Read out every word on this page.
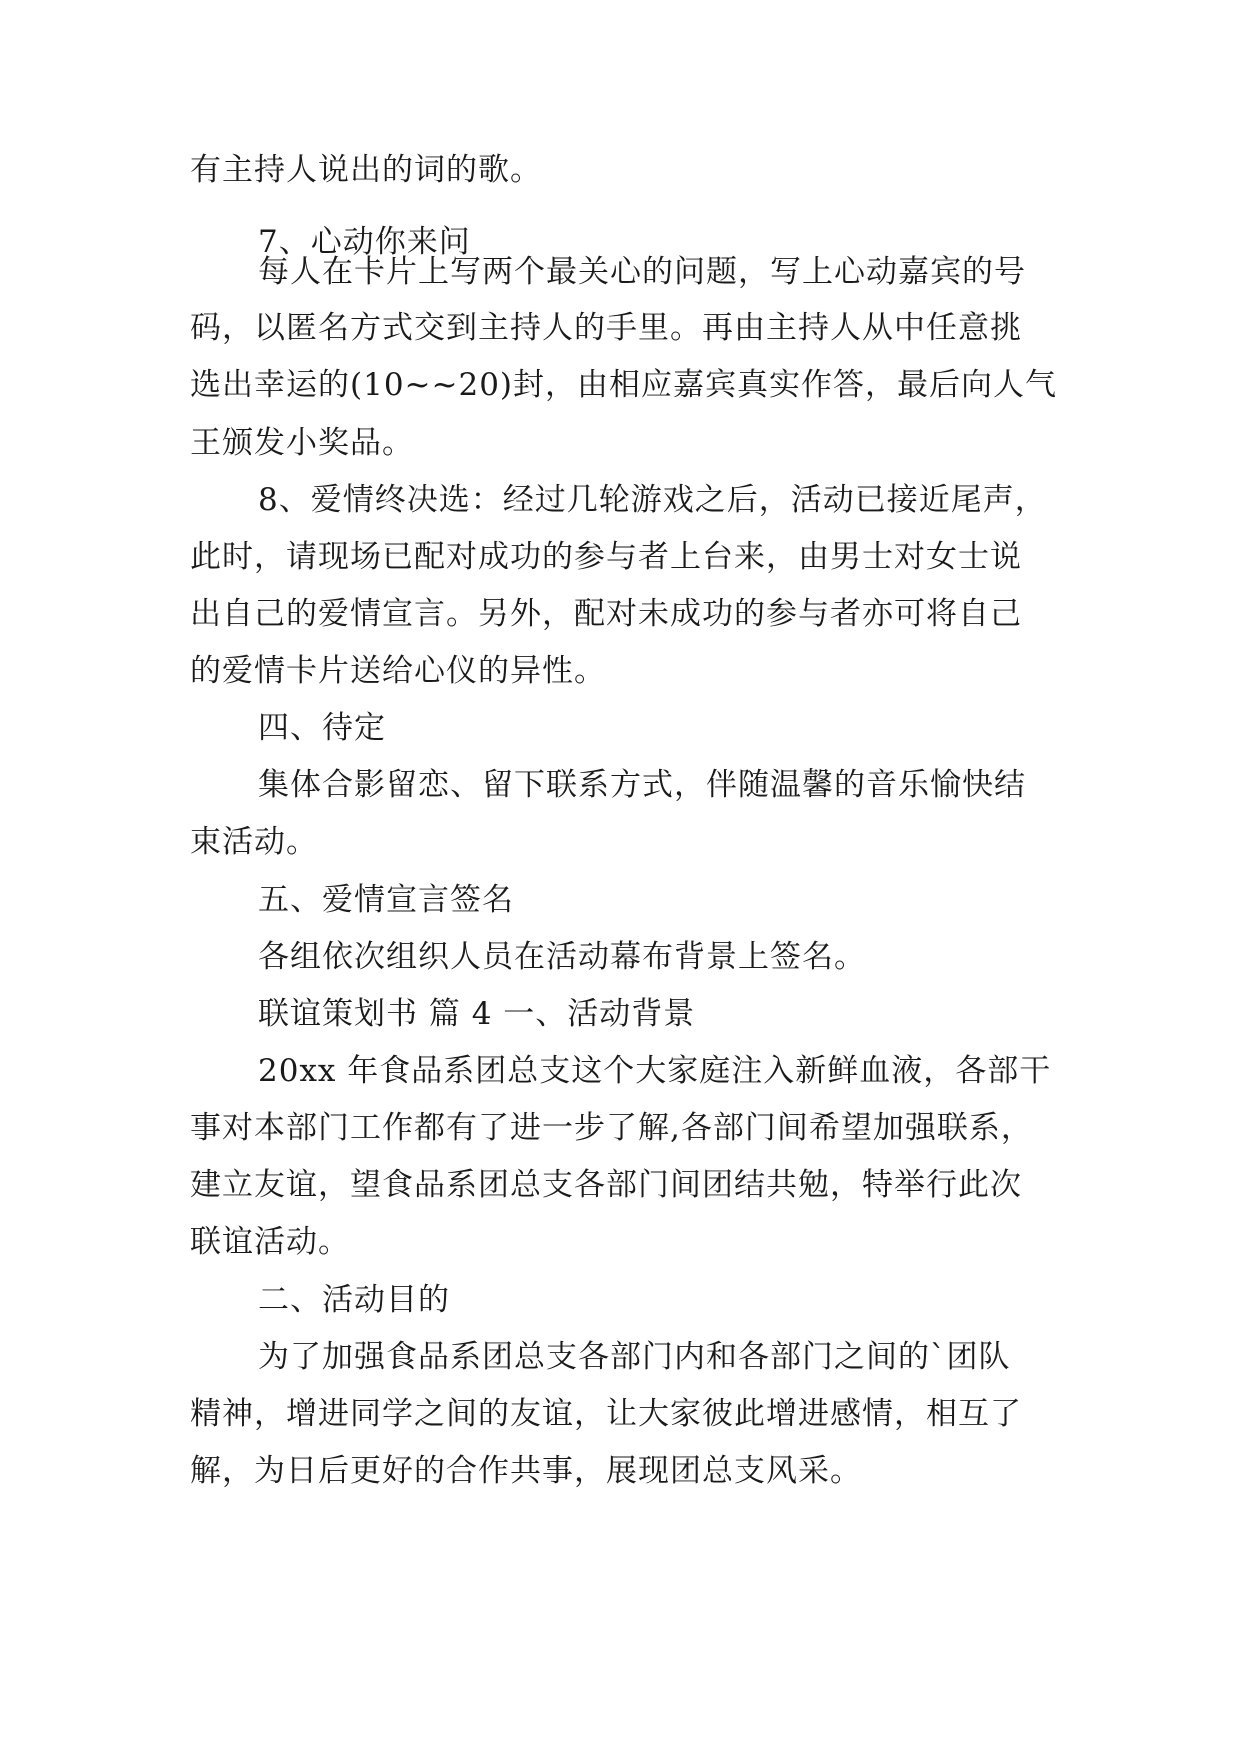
有主持人说出的词的歌。

7、心动你来问

每人在卡片上写两个最关心的问题，写上心动嘉宾的号

码，以匿名方式交到主持人的手里。再由主持人从中任意挑

选出幸运的(10~~20)封，由相应嘉宾真实作答，最后向人气

王颁发小奖品。

8、爱情终决选：经过几轮游戏之后，活动已接近尾声，

此时，请现场已配对成功的参与者上台来，由男士对女士说

出自己的爱情宣言。另外，配对未成功的参与者亦可将自己

的爱情卡片送给心仪的异性。

四、待定

集体合影留恋、留下联系方式，伴随温馨的音乐愉快结

束活动。

五、爱情宣言签名

各组依次组织人员在活动幕布背景上签名。

联谊策划书 篇 4 一、活动背景

20xx 年食品系团总支这个大家庭注入新鲜血液，各部干

事对本部门工作都有了进一步了解,各部门间希望加强联系，

建立友谊，望食品系团总支各部门间团结共勉，特举行此次

联谊活动。

二、活动目的

为了加强食品系团总支各部门内和各部门之间的`团队

精神，增进同学之间的友谊，让大家彼此增进感情，相互了

解，为日后更好的合作共事，展现团总支风采。
